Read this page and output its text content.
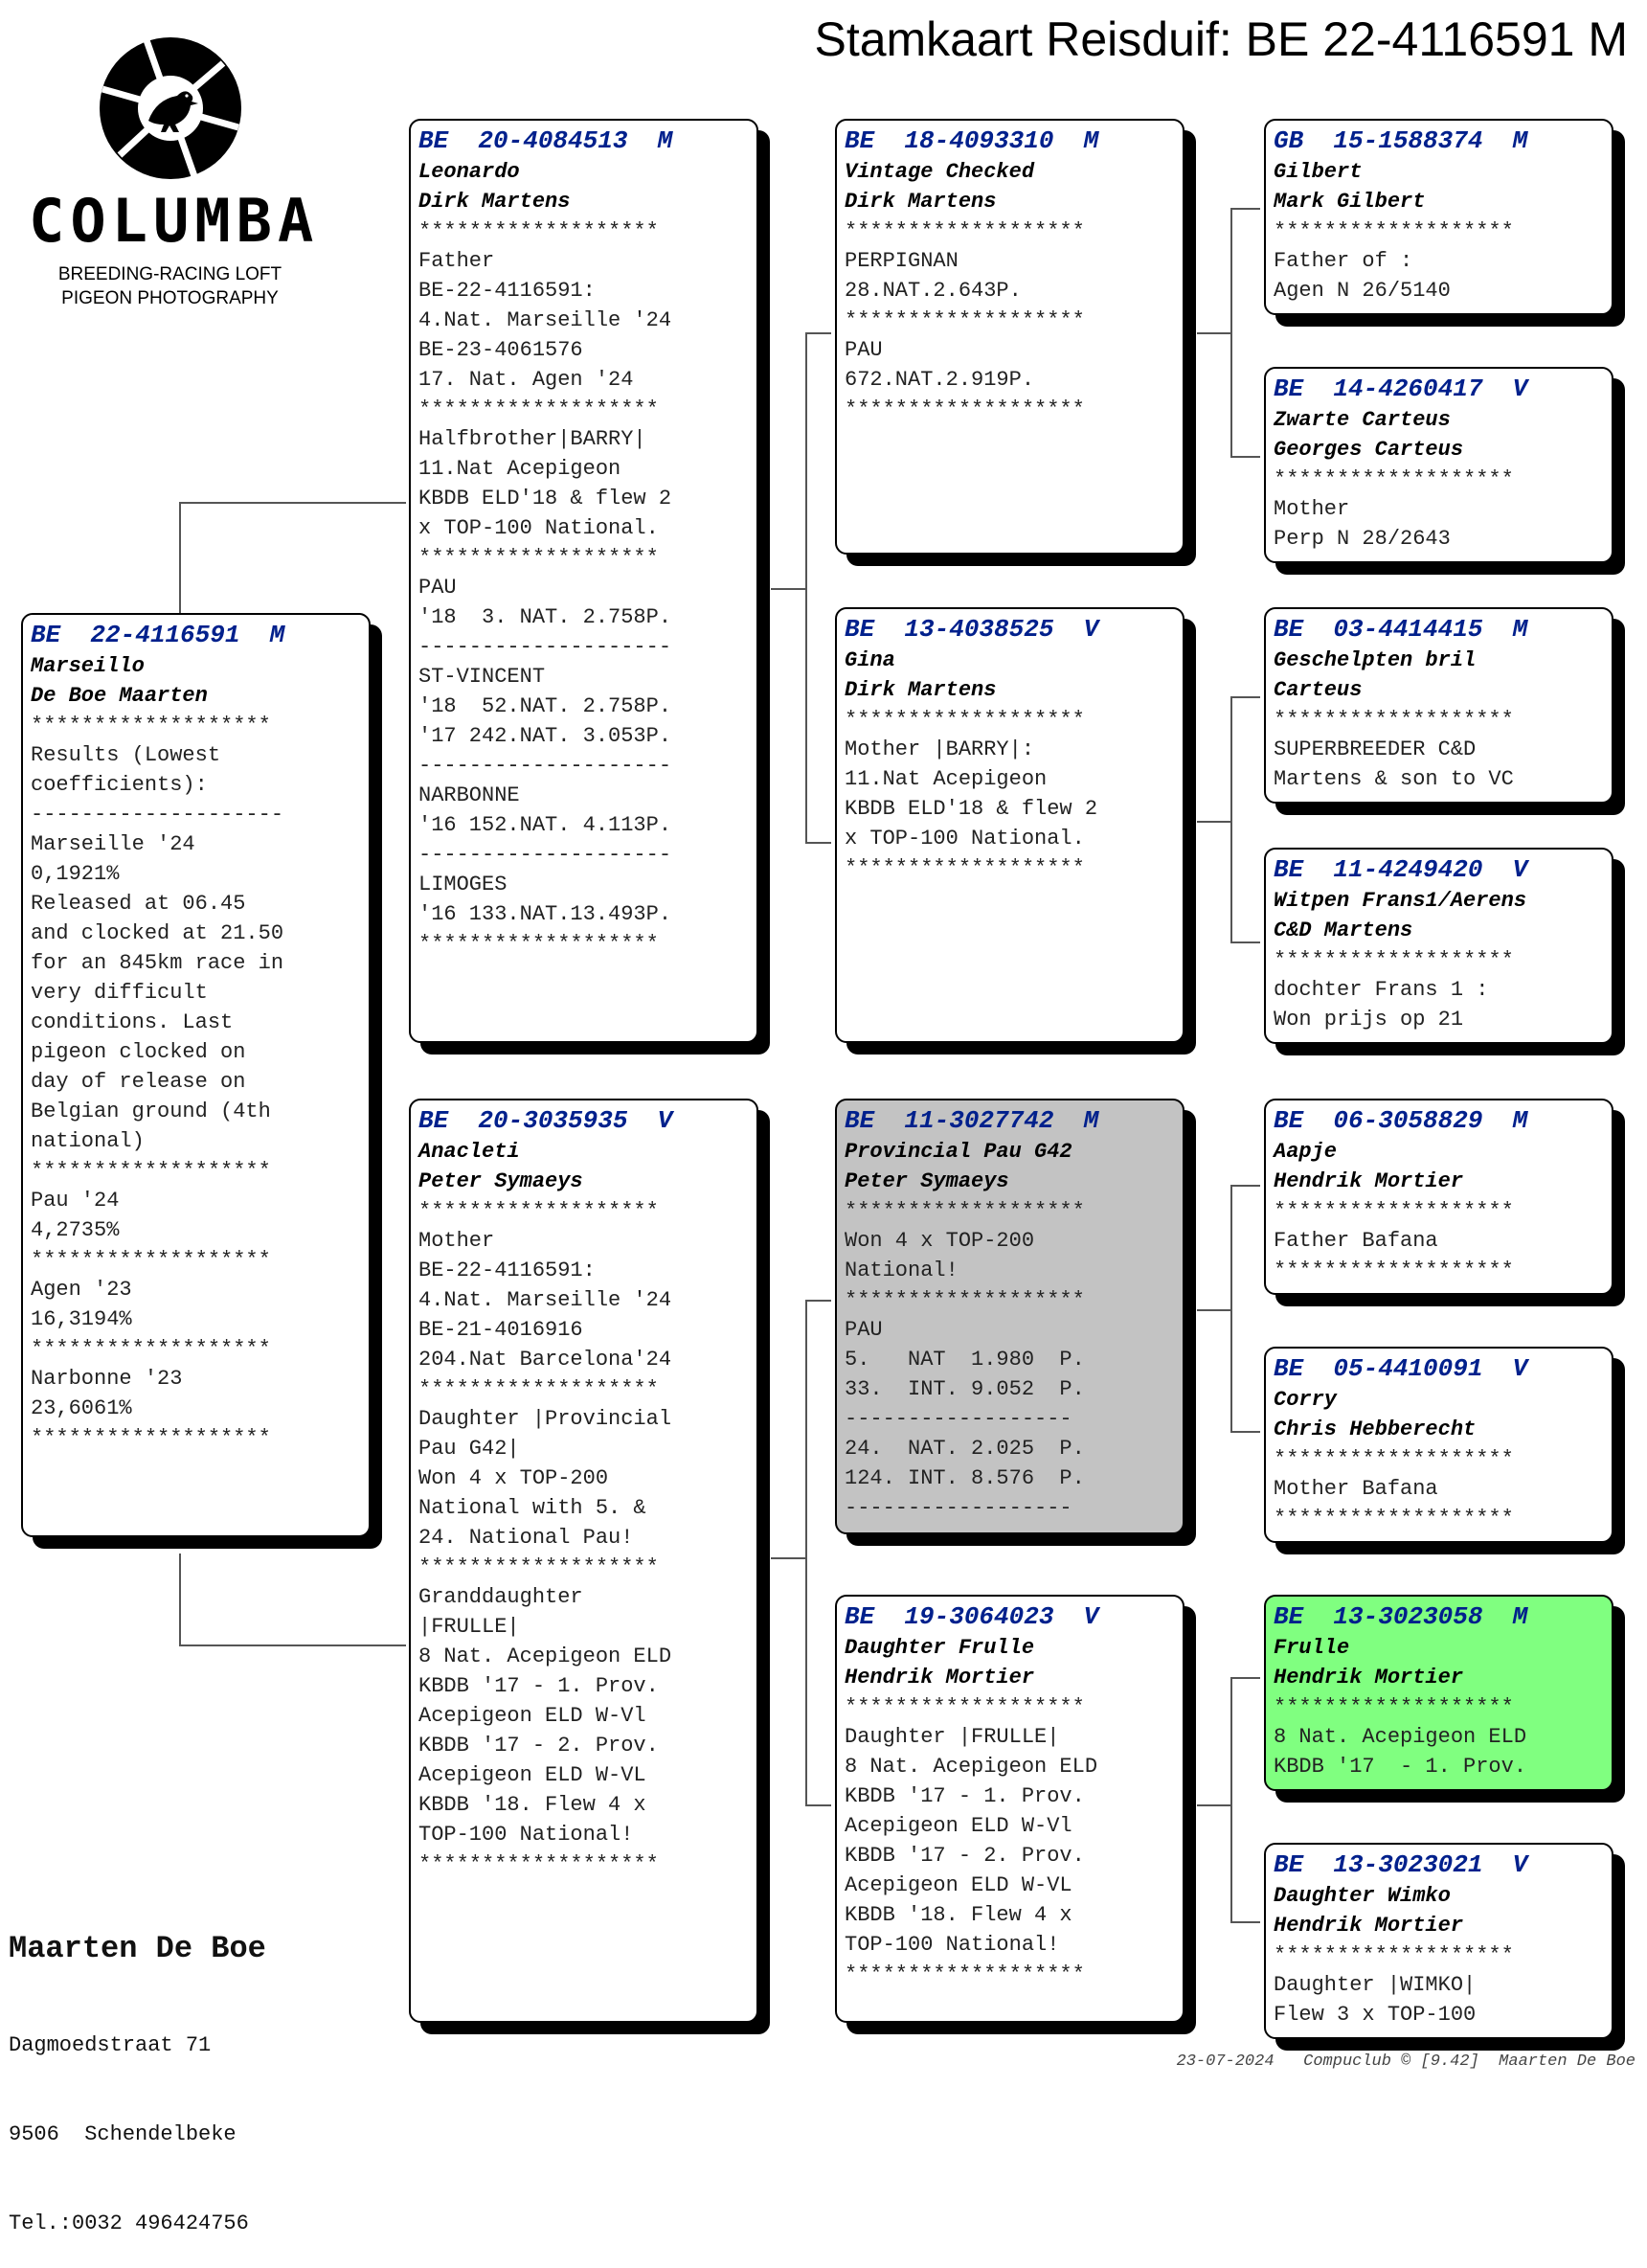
Stamkaart Reisduif: BE 22-4116591 M
COLUMBA
BREEDING-RACING LOFT
PIGEON PHOTOGRAPHY
BE  22-4116591  M
Marseillo
De Boe Maarten
*******************
Results (Lowest
coefficients):
--------------------
Marseille '24
0,1921%
Released at 06.45
and clocked at 21.50
for an 845km race in
very difficult
conditions. Last
pigeon clocked on
day of release on
Belgian ground (4th
national)
*******************
Pau '24
4,2735%
*******************
Agen '23
16,3194%
*******************
Narbonne '23
23,6061%
*******************
BE  20-4084513  M
Leonardo
Dirk Martens
*******************
Father
BE-22-4116591:
4.Nat. Marseille '24
BE-23-4061576
17. Nat. Agen '24
*******************
Halfbrother|BARRY|
11.Nat Acepigeon
KBDB ELD'18 & flew 2
x TOP-100 National.
*******************
PAU
'18  3. NAT. 2.758P.
--------------------
ST-VINCENT
'18  52.NAT. 2.758P.
'17 242.NAT. 3.053P.
--------------------
NARBONNE
'16 152.NAT. 4.113P.
--------------------
LIMOGES
'16 133.NAT.13.493P.
*******************
BE  20-3035935  V
Anacleti
Peter Symaeys
*******************
Mother
BE-22-4116591:
4.Nat. Marseille '24
BE-21-4016916
204.Nat Barcelona'24
*******************
Daughter |Provincial
Pau G42|
Won 4 x TOP-200
National with 5. &
24. National Pau!
*******************
Granddaughter
|FRULLE|
8 Nat. Acepigeon ELD
KBDB '17 - 1. Prov.
Acepigeon ELD W-Vl
KBDB '17 - 2. Prov.
Acepigeon ELD W-VL
KBDB '18. Flew 4 x
TOP-100 National!
*******************
BE  18-4093310  M
Vintage Checked
Dirk Martens
*******************
PERPIGNAN
28.NAT.2.643P.
*******************
PAU
672.NAT.2.919P.
*******************
BE  13-4038525  V
Gina
Dirk Martens
*******************
Mother |BARRY|:
11.Nat Acepigeon
KBDB ELD'18 & flew 2
x TOP-100 National.
*******************
BE  11-3027742  M
Provincial Pau G42
Peter Symaeys
*******************
Won 4 x TOP-200
National!
*******************
PAU
5.   NAT  1.980  P.
33.  INT. 9.052  P.
------------------
24.  NAT. 2.025  P.
124. INT. 8.576  P.
------------------
BE  19-3064023  V
Daughter Frulle
Hendrik Mortier
*******************
Daughter |FRULLE|
8 Nat. Acepigeon ELD
KBDB '17 - 1. Prov.
Acepigeon ELD W-Vl
KBDB '17 - 2. Prov.
Acepigeon ELD W-VL
KBDB '18. Flew 4 x
TOP-100 National!
*******************
GB  15-1588374  M
Gilbert
Mark Gilbert
*******************
Father of :
Agen N 26/5140
BE  14-4260417  V
Zwarte Carteus
Georges Carteus
*******************
Mother
Perp N 28/2643
BE  03-4414415  M
Geschelpten bril
Carteus
*******************
SUPERBREEDER C&D
Martens & son to VC
BE  11-4249420  V
Witpen Frans1/Aerens
C&D Martens
*******************
dochter Frans 1 :
Won prijs op 21
BE  06-3058829  M
Aapje
Hendrik Mortier
*******************
Father Bafana
*******************
BE  05-4410091  V
Corry
Chris Hebberecht
*******************
Mother Bafana
*******************
BE  13-3023058  M
Frulle
Hendrik Mortier
*******************
8 Nat. Acepigeon ELD
KBDB '17  - 1. Prov.
BE  13-3023021  V
Daughter Wimko
Hendrik Mortier
*******************
Daughter |WIMKO|
Flew 3 x TOP-100

Maarten De Boe

Dagmoedstraat 71

9506  Schendelbeke

Tel.:0032 496424756

23-07-2024   Compuclub © [9.42]  Maarten De Boe
